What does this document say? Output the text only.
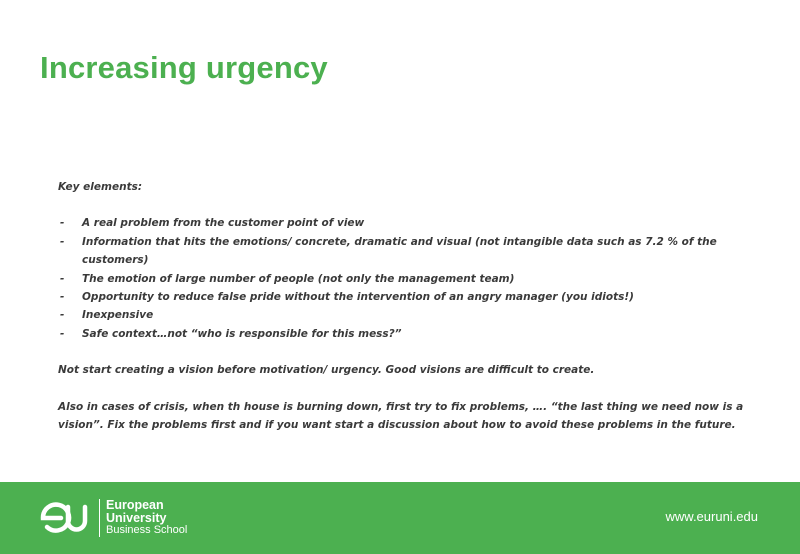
Increasing urgency

Key elements:

- A real problem from the customer point of view
- Information that hits the emotions/ concrete, dramatic and visual (not intangible data such as 7.2 % of the customers)
- The emotion of large number of people (not only the management team)
- Opportunity to reduce false pride without the intervention of an angry manager (you idiots!)
- Inexpensive
- Safe context…not “who is responsible for this mess?”

Not start creating a vision before motivation/ urgency. Good visions are difficult to create.

Also in cases of crisis, when th house is burning down, first try to fix problems, …. “the last thing we need now is a vision”. Fix the problems first and if you want start a discussion about how to avoid these problems in the future.

European
University
Business School
www.euruni.edu
